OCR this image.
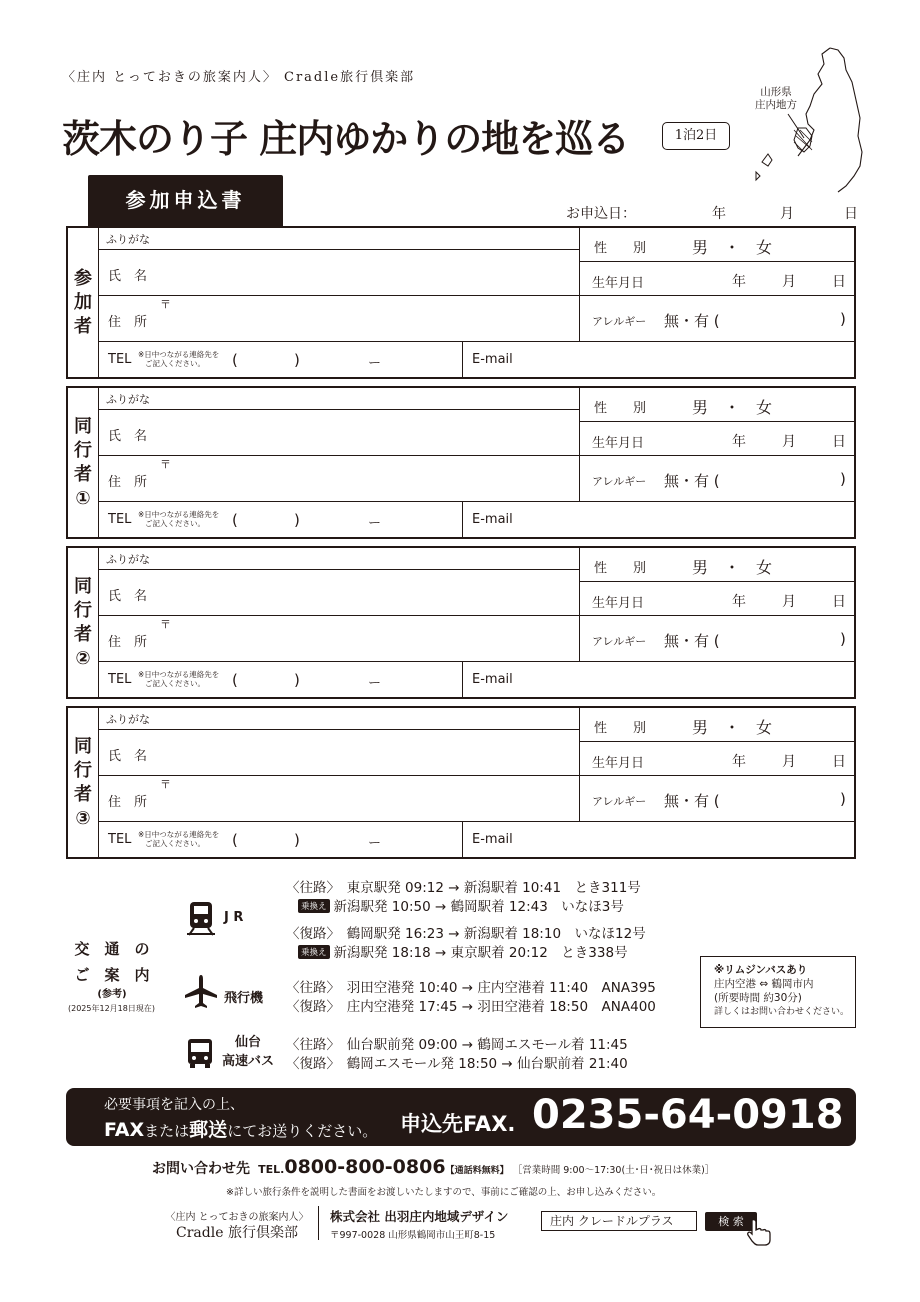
〈庄内 とっておきの旅案内人〉 Cradle旅行倶楽部
茨木のり子 庄内ゆかりの地を巡る	1泊2日
山形県
庄内地方
参加申込書
お申込日：	年	月	日
参
加
者
ふりがな
氏　名
〒
住　所
TEL ※日中つながる連絡先を
ご記入ください。	(	)	ー	E-mail
性　　別	男　・　女
生年月日	年	月	日
アレルギー 無・有 (	)
同
行
者
①
ふりがな
氏　名
〒
住　所
TEL ※日中つながる連絡先を
ご記入ください。	(	)	ー	E-mail
性　　別	男　・　女
生年月日	年	月	日
アレルギー 無・有 (	)
同
行
者
②
ふりがな
氏　名
〒
住　所
TEL ※日中つながる連絡先を
ご記入ください。	(	)	ー	E-mail
性　　別	男　・　女
生年月日	年	月	日
アレルギー 無・有 (	)
同
行
者
③
ふりがな
氏　名
〒
住　所
TEL ※日中つながる連絡先を
ご記入ください。	(	)	ー	E-mail
性　　別	男　・　女
生年月日	年	月	日
アレルギー 無・有 (	)
交　通　の
ご　案　内
(参考)
(2025年12月18日現在)
J R
〈往路〉　東京駅発 09:12 → 新潟駅着 10:41　とき311号
乗換え 新潟駅発 10:50 → 鶴岡駅着 12:43　いなほ3号
〈復路〉　鶴岡駅発 16:23 → 新潟駅着 18:10　いなほ12号
乗換え 新潟駅発 18:18 → 東京駅着 20:12　とき338号
飛行機
〈往路〉　羽田空港発 10:40 → 庄内空港着 11:40　ANA395
〈復路〉　庄内空港発 17:45 → 羽田空港着 18:50　ANA400
仙台
高速バス
〈往路〉　仙台駅前発 09:00 → 鶴岡エスモール着 11:45
〈復路〉　鶴岡エスモール発 18:50 → 仙台駅前着 21:40
※リムジンバスあり
庄内空港 ⇔ 鶴岡市内
(所要時間 約30分)
詳しくはお問い合わせください。
必要事項を記入の上、
FAXまたは郵送にてお送りください。 申込先FAX. 0235-64-0918
お問い合わせ先 TEL.0800-800-0806【通話料無料】 ［営業時間 9:00～17:30(土･日･祝日は休業)］
※詳しい旅行条件を説明した書面をお渡しいたしますので、事前にご確認の上、お申し込みください。
〈庄内 とっておきの旅案内人〉
Cradle 旅行倶楽部
株式会社 出羽庄内地域デザイン
〒997-0028 山形県鶴岡市山王町8-15
庄内 クレードルプラス	検 索
